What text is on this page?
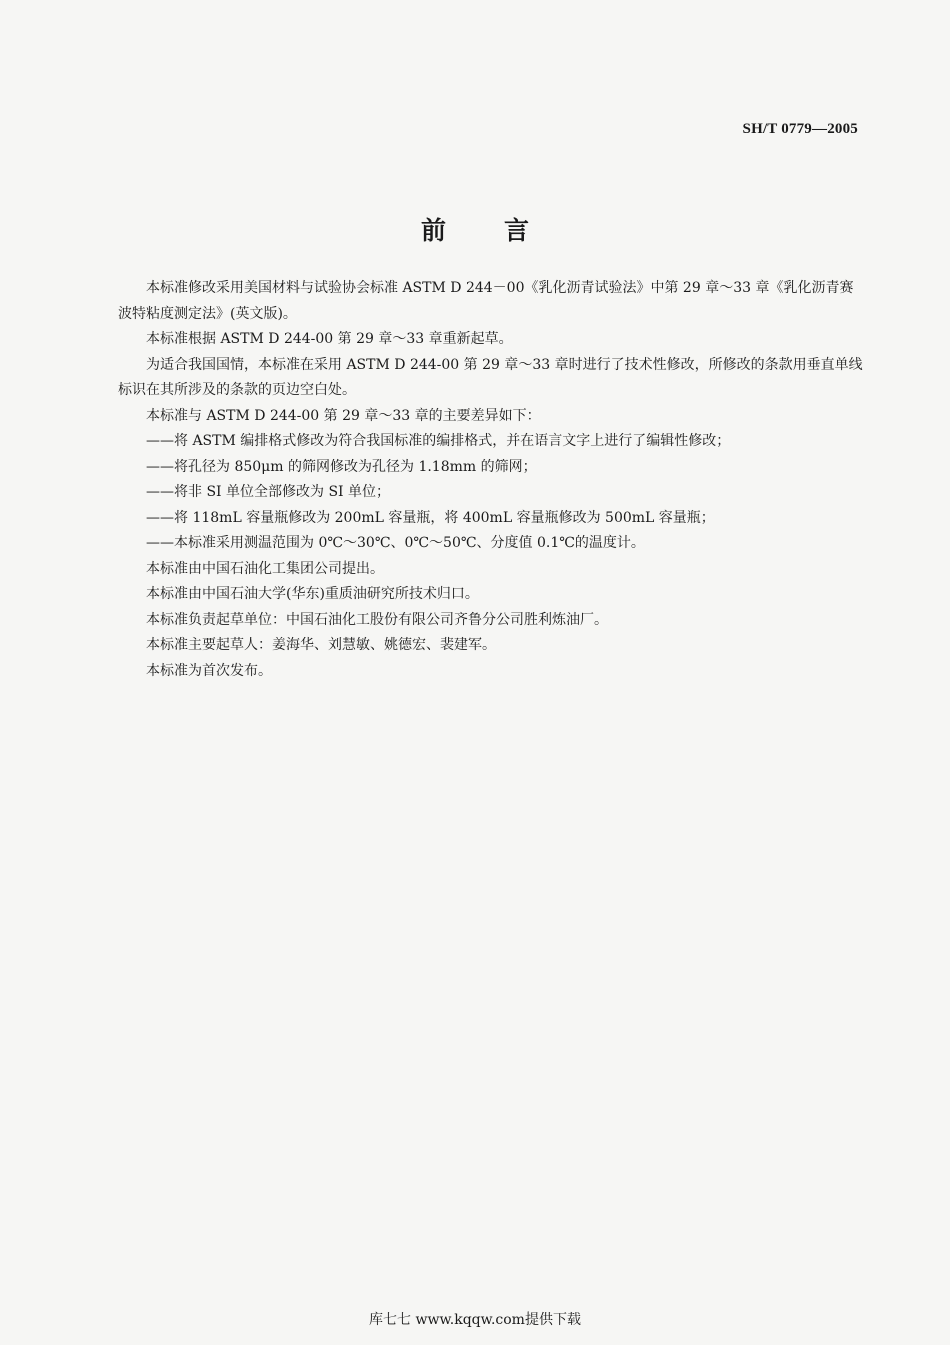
SH/T 0779—2005
前言

本标准修改采用美国材料与试验协会标准 ASTM D 244－00《乳化沥青试验法》中第 29 章～33 章《乳化沥青赛波特粘度测定法》(英文版)。

本标准根据 ASTM D 244-00 第 29 章～33 章重新起草。

为适合我国国情，本标准在采用 ASTM D 244-00 第 29 章～33 章时进行了技术性修改，所修改的条款用垂直单线标识在其所涉及的条款的页边空白处。

本标准与 ASTM D 244-00 第 29 章～33 章的主要差异如下：

——将 ASTM 编排格式修改为符合我国标准的编排格式，并在语言文字上进行了编辑性修改；

——将孔径为 850μm 的筛网修改为孔径为 1.18mm 的筛网；

——将非 SI 单位全部修改为 SI 单位；

——将 118mL 容量瓶修改为 200mL 容量瓶，将 400mL 容量瓶修改为 500mL 容量瓶；

——本标准采用测温范围为 0℃～30℃、0℃～50℃、分度值 0.1℃的温度计。

本标准由中国石油化工集团公司提出。

本标准由中国石油大学(华东)重质油研究所技术归口。

本标准负责起草单位：中国石油化工股份有限公司齐鲁分公司胜利炼油厂。

本标准主要起草人：姜海华、刘慧敏、姚德宏、裴建军。

本标准为首次发布。

库七七 www.kqqw.com提供下载
